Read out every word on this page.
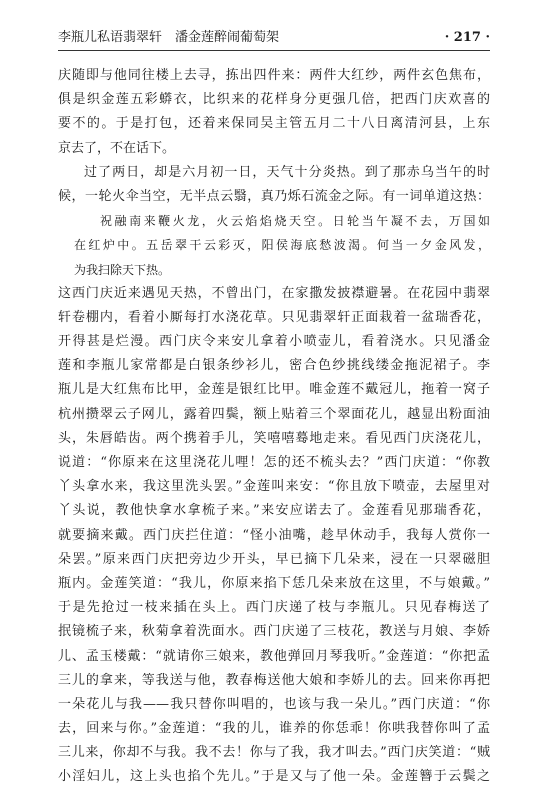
李瓶儿私语翡翠轩　潘金莲醉闹葡萄架	· 217 ·
庆随即与他同往楼上去寻，拣出四件来：两件大红纱，两件玄色焦布，
俱是织金莲五彩蟒衣，比织来的花样身分更强几倍，把西门庆欢喜的
要不的。于是打包，还着来保同吴主管五月二十八日离清河县，上东
京去了，不在话下。
过了两日，却是六月初一日，天气十分炎热。到了那赤乌当午的时
候，一轮火伞当空，无半点云翳，真乃烁石流金之际。有一词单道这热：
祝融南来鞭火龙，火云焰焰烧天空。日轮当午凝不去，万国如
在红炉中。五岳翠干云彩灭，阳侯海底愁波渴。何当一夕金风发，
为我扫除天下热。
这西门庆近来遇见天热，不曾出门，在家撒发披襟避暑。在花园中翡翠
轩卷棚内，看着小厮每打水浇花草。只见翡翠轩正面栽着一盆瑞香花，
开得甚是烂漫。西门庆令来安儿拿着小喷壶儿，看着浇水。只见潘金
莲和李瓶儿家常都是白银条纱衫儿，密合色纱挑线缕金拖泥裙子。李
瓶儿是大红焦布比甲，金莲是银红比甲。唯金莲不戴冠儿，拖着一窝子
杭州攒翠云子网儿，露着四鬓，额上贴着三个翠面花儿，越显出粉面油
头，朱唇皓齿。两个携着手儿，笑嘻嘻蓦地走来。看见西门庆浇花儿，
说道：“你原来在这里浇花儿哩！怎的还不梳头去？”西门庆道：“你教
丫头拿水来，我这里洗头罢。”金莲叫来安：“你且放下喷壶，去屋里对
丫头说，教他快拿水拿梳子来。”来安应诺去了。金莲看见那瑞香花，
就要摘来戴。西门庆拦住道：“怪小油嘴，趁早休动手，我每人赏你一
朵罢。”原来西门庆把旁边少开头，早已摘下几朵来，浸在一只翠磁胆
瓶内。金莲笑道：“我儿，你原来掐下恁几朵来放在这里，不与娘戴。”
于是先抢过一枝来插在头上。西门庆递了枝与李瓶儿。只见春梅送了
抿镜梳子来，秋菊拿着洗面水。西门庆递了三枝花，教送与月娘、李娇
儿、孟玉楼戴：“就请你三娘来，教他弹回月琴我听。”金莲道：“你把孟
三儿的拿来，等我送与他，教春梅送他大娘和李娇儿的去。回来你再把
一朵花儿与我——我只替你叫唱的，也该与我一朵儿。”西门庆道：“你
去，回来与你。”金莲道：“我的儿，谁养的你恁乖！你哄我替你叫了孟
三儿来，你却不与我。我不去！你与了我，我才叫去。”西门庆笑道：“贼
小淫妇儿，这上头也掐个先儿。”于是又与了他一朵。金莲簪于云鬓之
